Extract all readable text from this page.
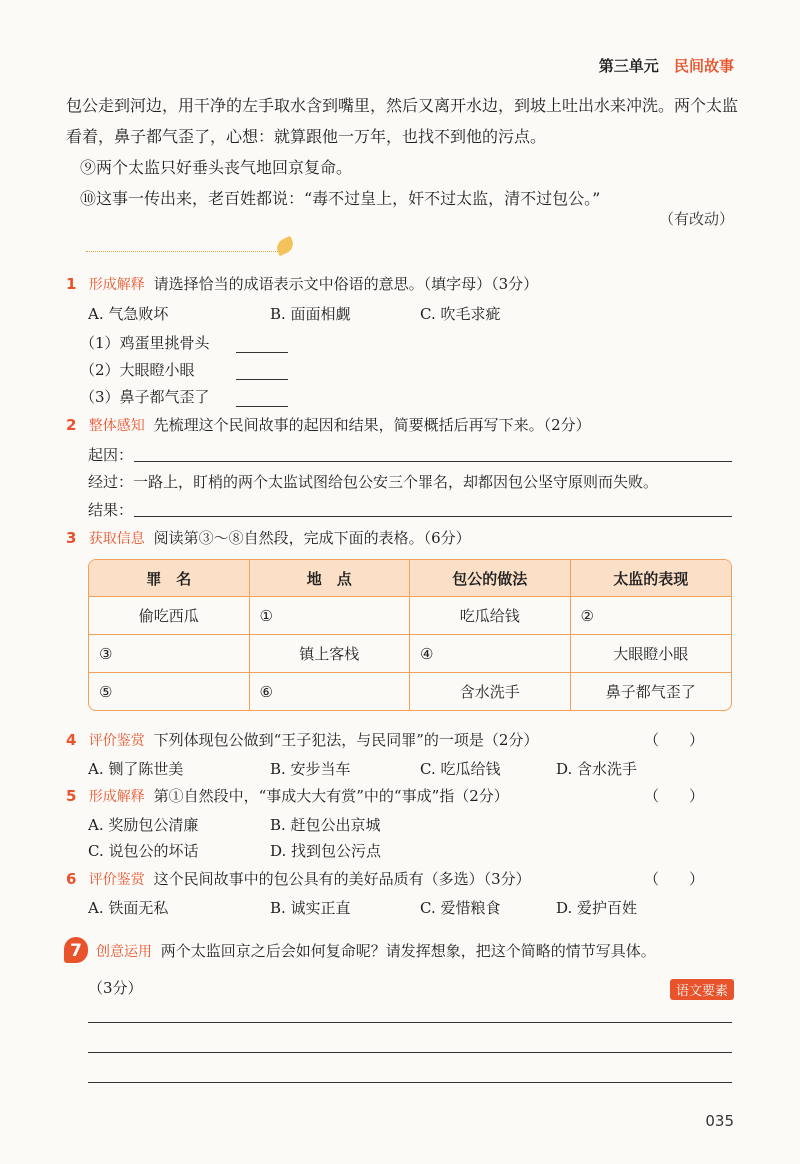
第三单元 民间故事
包公走到河边，用干净的左手取水含到嘴里，然后又离开水边，到坡上吐出水来冲洗。两个太监看着，鼻子都气歪了，心想：就算跟他一万年，也找不到他的污点。
⑨两个太监只好垂头丧气地回京复命。
⑩这事一传出来，老百姓都说：“毒不过皇上，奸不过太监，清不过包公。”
（有改动）
1 形成解释 请选择恰当的成语表示文中俗语的意思。（填字母）（3分）
A. 气急败坏	B. 面面相觑	C. 吹毛求疵
（1）鸡蛋里挑骨头
（2）大眼瞪小眼
（3）鼻子都气歪了
2 整体感知 先梳理这个民间故事的起因和结果，简要概括后再写下来。（2分）
起因：
经过：一路上，盯梢的两个太监试图给包公安三个罪名，却都因包公坚守原则而失败。
结果：
3 获取信息 阅读第③～⑧自然段，完成下面的表格。（6分）
罪　名	地　点	包公的做法	太监的表现
偷吃西瓜	①	吃瓜给钱	②
③	镇上客栈	④	大眼瞪小眼
⑤	⑥	含水洗手	鼻子都气歪了
4 评价鉴赏 下列体现包公做到“王子犯法，与民同罪”的一项是（2分）	（）
A. 铡了陈世美	B. 安步当车	C. 吃瓜给钱	D. 含水洗手
5 形成解释 第①自然段中，“事成大大有赏”中的“事成”指（2分）	（）
A. 奖励包公清廉	B. 赶包公出京城
C. 说包公的坏话	D. 找到包公污点
6 评价鉴赏 这个民间故事中的包公具有的美好品质有（多选）（3分）	（）
A. 铁面无私	B. 诚实正直	C. 爱惜粮食	D. 爱护百姓
7	创意运用 两个太监回京之后会如何复命呢？请发挥想象，把这个简略的情节写具体。
（3分）	语文要素
035
